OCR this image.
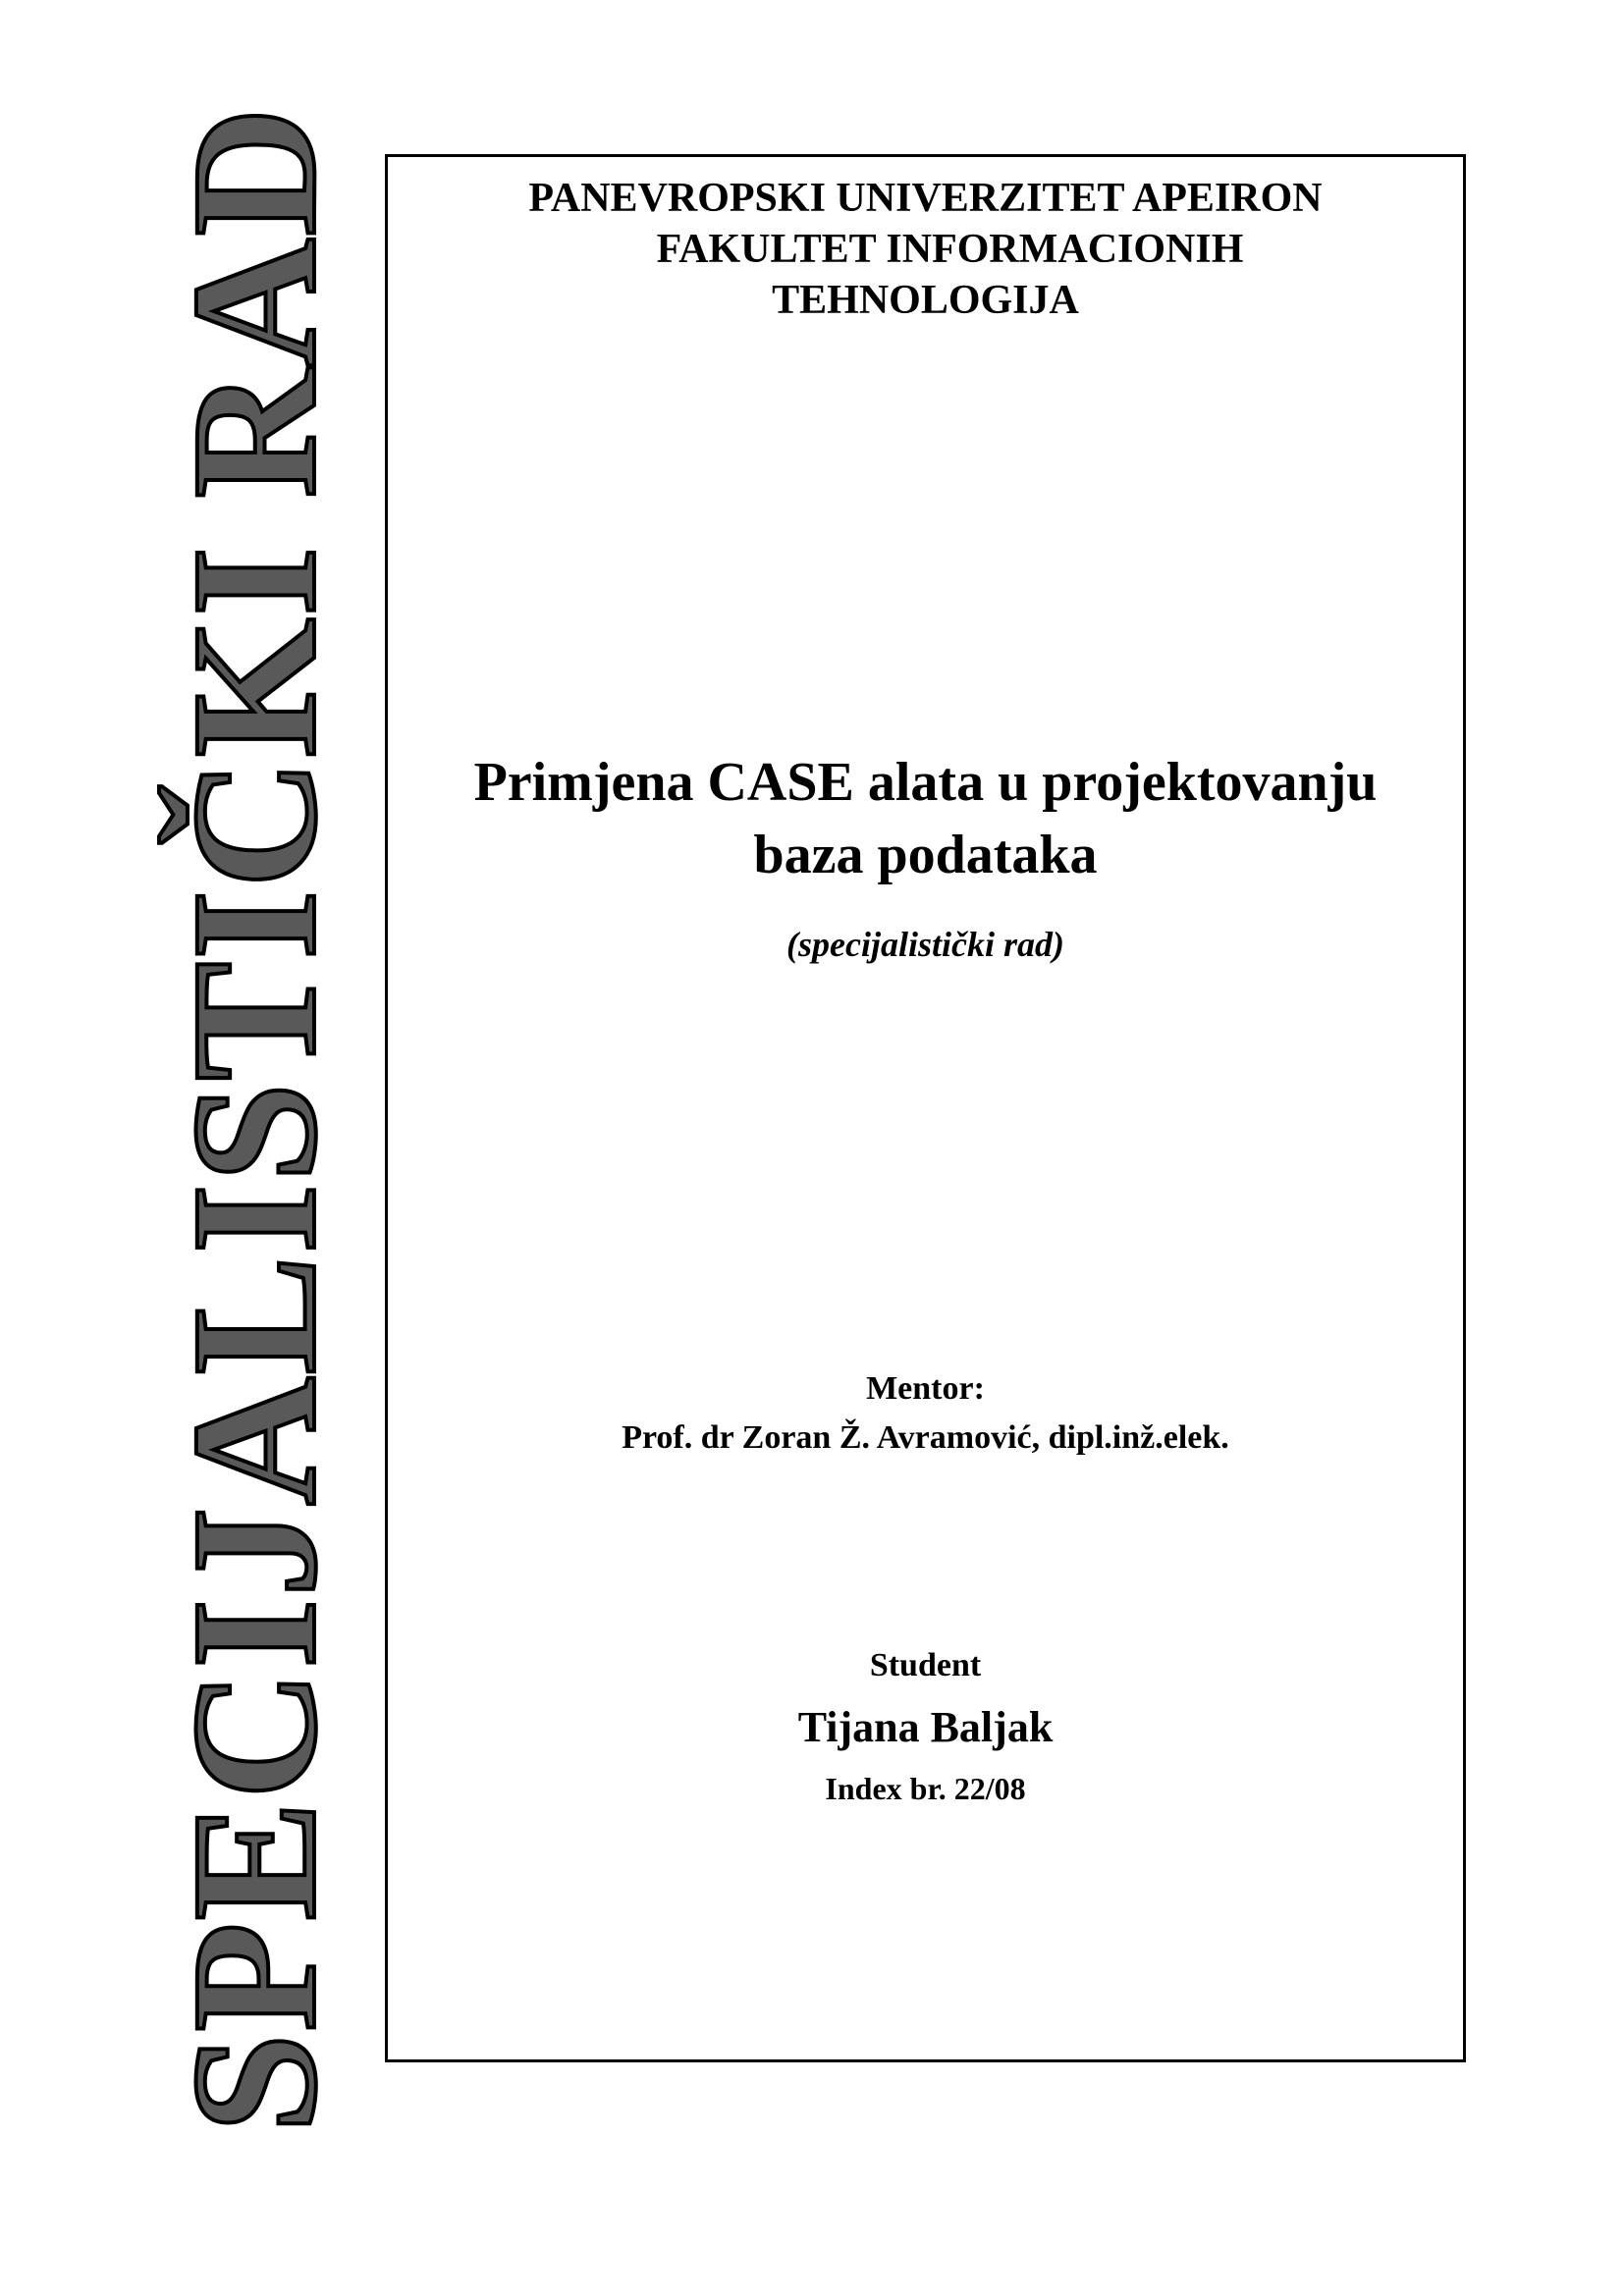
SPECIJALISTIČKI RAD	PANEVROPSKI UNIVERZITET APEIRON
FAKULTET INFORMACIONIH
TEHNOLOGIJA
Primjena CASE alata u projektovanju
baza podataka
(specijalistički rad)
Mentor:
Prof. dr Zoran Ž. Avramović, dipl.inž.elek.
Student
Tijana Baljak
Index br. 22/08
